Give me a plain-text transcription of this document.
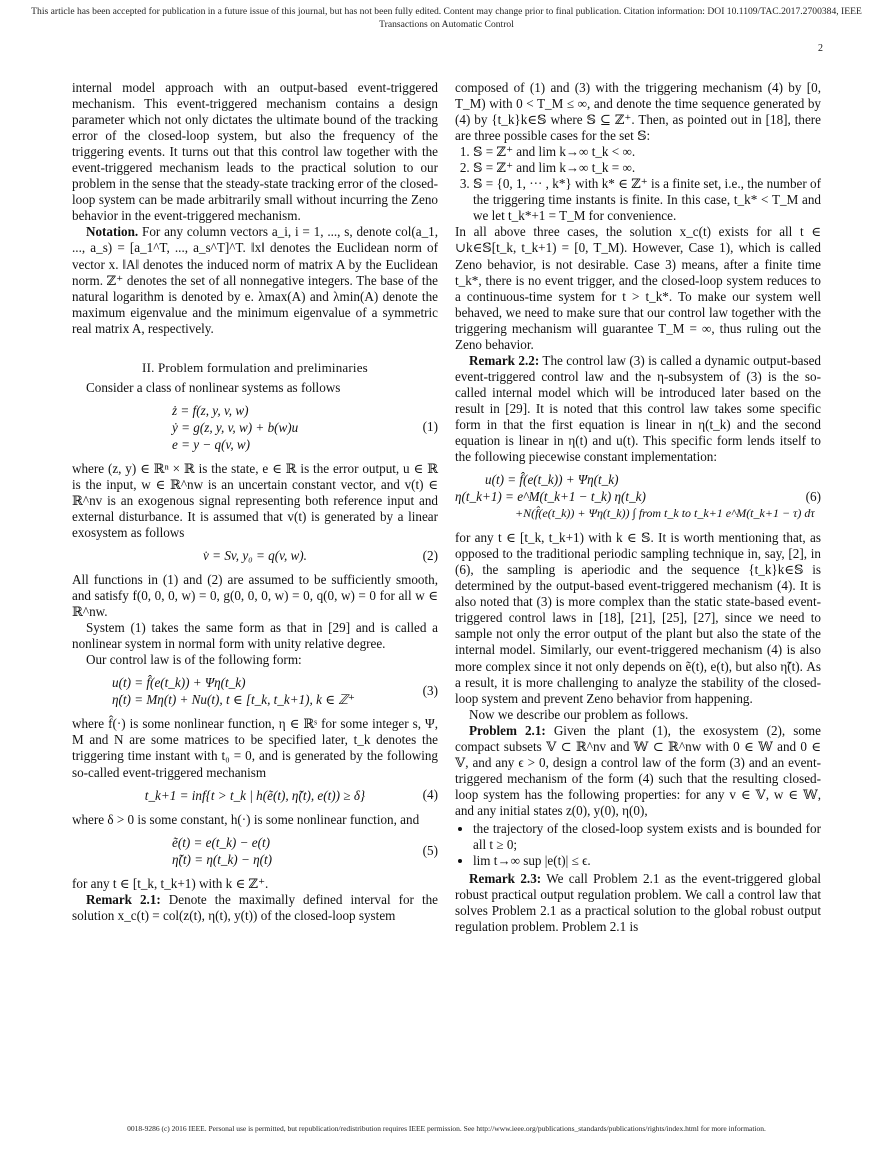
This article has been accepted for publication in a future issue of this journal, but has not been fully edited. Content may change prior to final publication. Citation information: DOI 10.1109/TAC.2017.2700384, IEEE
Transactions on Automatic Control
2

internal model approach with an output-based event-triggered mechanism. This event-triggered mechanism contains a design parameter which not only dictates the ultimate bound of the tracking error of the closed-loop system, but also the frequency of the triggering events. It turns out that this control law together with the event-triggered mechanism leads to the practical solution to our problem in the sense that the steady-state tracking error of the closed-loop system can be made arbitrarily small without incurring the Zeno behavior in the event-triggered mechanism.

Notation. For any column vectors a_i, i = 1, ..., s, denote col(a_1, ..., a_s) = [a_1^T, ..., a_s^T]^T. ‖x‖ denotes the Euclidean norm of vector x. ‖A‖ denotes the induced norm of matrix A by the Euclidean norm. ℤ⁺ denotes the set of all nonnegative integers. The base of the natural logarithm is denoted by e. λmax(A) and λmin(A) denote the maximum eigenvalue and the minimum eigenvalue of a symmetric real matrix A, respectively.

II. Problem formulation and preliminaries

Consider a class of nonlinear systems as follows

ż = f(z, y, v, w)
ẏ = g(z, y, v, w) + b(w)u
e = y − q(v, w)
(1)

where (z, y) ∈ ℝⁿ × ℝ is the state, e ∈ ℝ is the error output, u ∈ ℝ is the input, w ∈ ℝ^nw is an uncertain constant vector, and v(t) ∈ ℝ^nv is an exogenous signal representing both reference input and external disturbance. It is assumed that v(t) is generated by a linear exosystem as follows

v̇ = Sv, y₀ = q(v, w).	(2)

All functions in (1) and (2) are assumed to be sufficiently smooth, and satisfy f(0, 0, 0, w) = 0, g(0, 0, 0, w) = 0, q(0, w) = 0 for all w ∈ ℝ^nw.

System (1) takes the same form as that in [29] and is called a nonlinear system in normal form with unity relative degree.

Our control law is of the following form:

u(t) = f̂(e(t_k)) + Ψη(t_k)
η̇(t) = Mη(t) + Nu(t), t ∈ [t_k, t_k+1), k ∈ ℤ⁺
(3)

where f̂(·) is some nonlinear function, η ∈ ℝˢ for some integer s, Ψ, M and N are some matrices to be specified later, t_k denotes the triggering time instant with t₀ = 0, and is generated by the following so-called event-triggered mechanism

t_k+1 = inf{t > t_k | h(ẽ(t), η̃(t), e(t)) ≥ δ}	(4)

where δ > 0 is some constant, h(·) is some nonlinear function, and

ẽ(t) = e(t_k) − e(t)
η̃(t) = η(t_k) − η(t)
(5)

for any t ∈ [t_k, t_k+1) with k ∈ ℤ⁺.

Remark 2.1: Denote the maximally defined interval for the solution x_c(t) = col(z(t), η(t), y(t)) of the closed-loop system

composed of (1) and (3) with the triggering mechanism (4) by [0, T_M) with 0 < T_M ≤ ∞, and denote the time sequence generated by (4) by {t_k}k∈𝕊 where 𝕊 ⊆ ℤ⁺. Then, as pointed out in [18], there are three possible cases for the set 𝕊:

1. 𝕊 = ℤ⁺ and lim k→∞ t_k < ∞.
2. 𝕊 = ℤ⁺ and lim k→∞ t_k = ∞.
3. 𝕊 = {0, 1, ··· , k*} with k* ∈ ℤ⁺ is a finite set, i.e., the number of the triggering time instants is finite. In this case, t_k* < T_M and we let t_k*+1 = T_M for convenience.

In all above three cases, the solution x_c(t) exists for all t ∈ ∪k∈𝕊[t_k, t_k+1) = [0, T_M). However, Case 1), which is called Zeno behavior, is not desirable. Case 3) means, after a finite time t_k*, there is no event trigger, and the closed-loop system reduces to a continuous-time system for t > t_k*. To make our system well behaved, we need to make sure that our control law together with the triggering mechanism will guarantee T_M = ∞, thus ruling out the Zeno behavior.

Remark 2.2: The control law (3) is called a dynamic output-based event-triggered control law and the η-subsystem of (3) is the so-called internal model which will be introduced later based on the result in [29]. It is noted that this control law takes some specific form in that the first equation is linear in η(t_k) and the second equation is linear in η(t) and u(t). This specific form lends itself to the following piecewise constant implementation:

u(t) = f̂(e(t_k)) + Ψη(t_k)
η(t_k+1) = e^M(t_k+1 − t_k) η(t_k)
+N(f̂(e(t_k)) + Ψη(t_k)) ∫ from t_k to t_k+1 e^M(t_k+1 − τ) dτ
(6)

for any t ∈ [t_k, t_k+1) with k ∈ 𝕊. It is worth mentioning that, as opposed to the traditional periodic sampling technique in, say, [2], in (6), the sampling is aperiodic and the sequence {t_k}k∈𝕊 is determined by the output-based event-triggered mechanism (4). It is also noted that (3) is more complex than the static state-based event-triggered control laws in [18], [21], [25], [27], since we need to sample not only the error output of the plant but also the state of the internal model. Similarly, our event-triggered mechanism (4) is also more complex since it not only depends on ẽ(t), e(t), but also η̃(t). As a result, it is more challenging to analyze the stability of the closed-loop system and prevent Zeno behavior from happening.

Now we describe our problem as follows.

Problem 2.1: Given the plant (1), the exosystem (2), some compact subsets 𝕍 ⊂ ℝ^nv and 𝕎 ⊂ ℝ^nw with 0 ∈ 𝕎 and 0 ∈ 𝕍, and any ϵ > 0, design a control law of the form (3) and an event-triggered mechanism of the form (4) such that the resulting closed-loop system has the following properties: for any v ∈ 𝕍, w ∈ 𝕎, and any initial states z(0), y(0), η(0),

• the trajectory of the closed-loop system exists and is bounded for all t ≥ 0;
• lim t→∞ sup |e(t)| ≤ ϵ.

Remark 2.3: We call Problem 2.1 as the event-triggered global robust practical output regulation problem. We call a control law that solves Problem 2.1 as a practical solution to the global robust output regulation problem. Problem 2.1 is

0018-9286 (c) 2016 IEEE. Personal use is permitted, but republication/redistribution requires IEEE permission. See http://www.ieee.org/publications_standards/publications/rights/index.html for more information.
